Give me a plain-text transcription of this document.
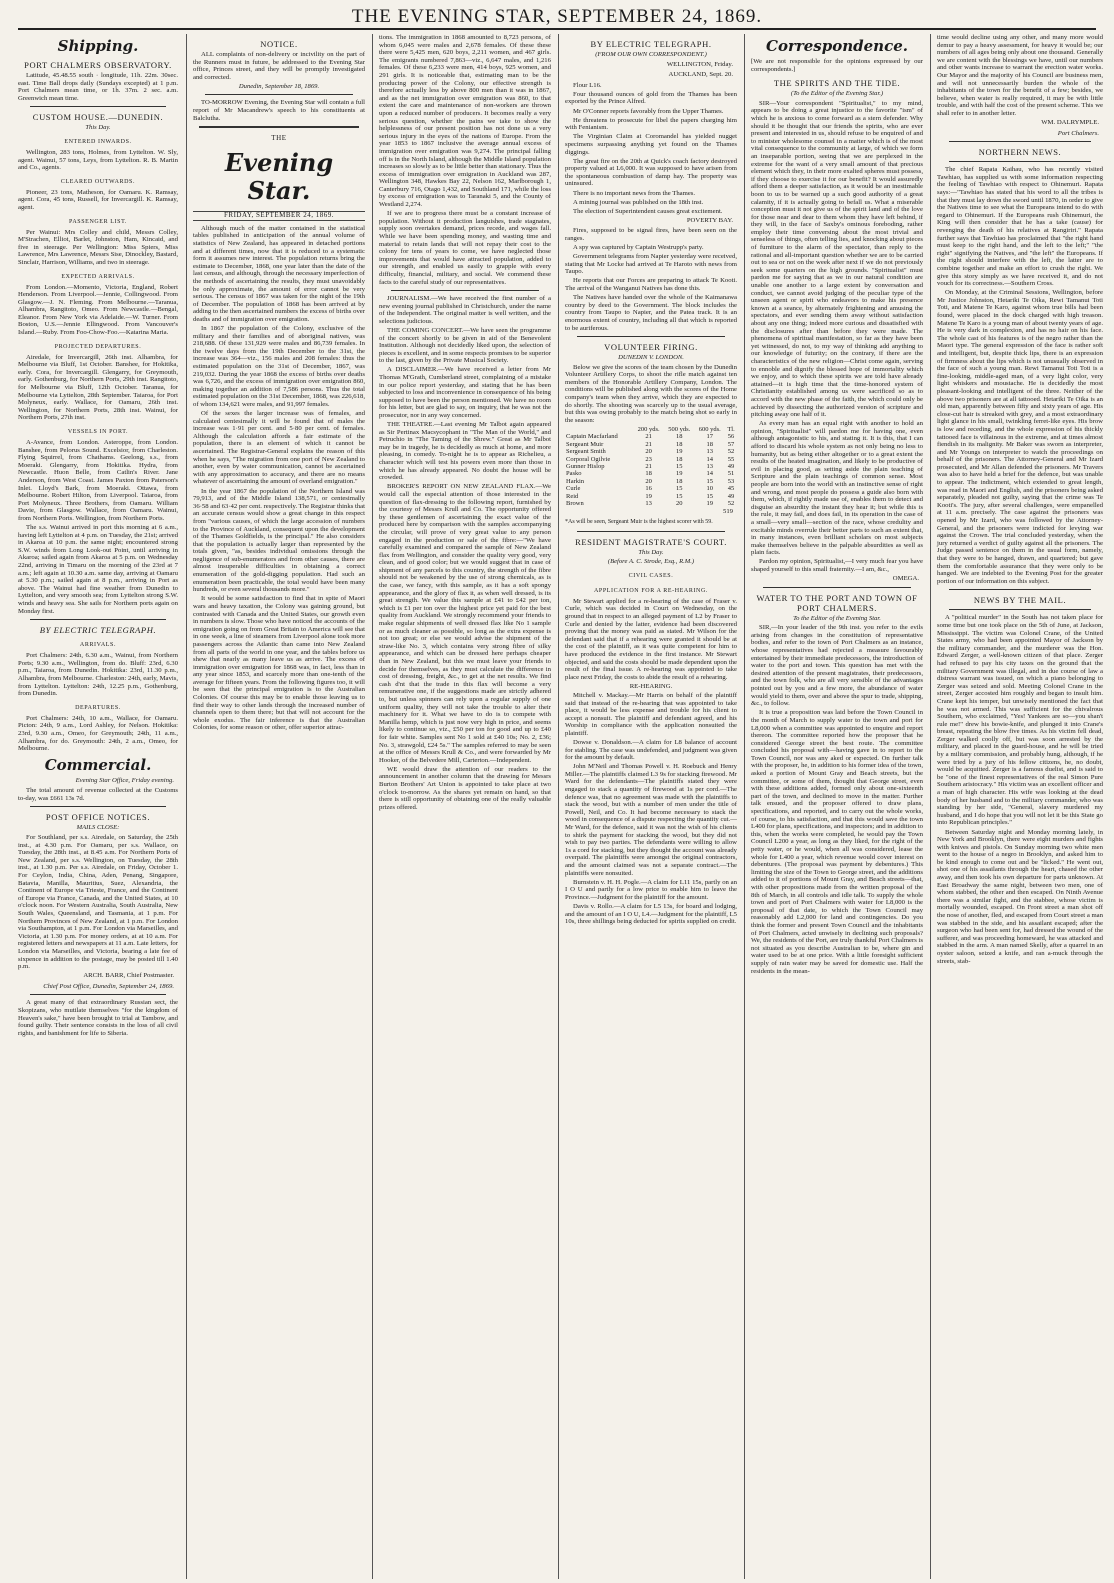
THE EVENING STAR, SEPTEMBER 24, 1869.
Shipping.
PORT CHALMERS OBSERVATORY.

Latitude, 45.48.55 south · longitude, 11h. 22m. 30sec. east. Time Ball drops daily (Sundays excepted) at 1 p.m. Port Chalmers mean time, or 1h. 37m. 2 sec. a.m. Greenwich mean time.

CUSTOM HOUSE.—DUNEDIN.
This Day.
ENTERED INWARDS.

Wellington, 283 tons, Holmes, from Lyttelton. W. Sly, agent. Wainui, 57 tons, Leys, from Lyttelton. R. B. Martin and Co., agents.

CLEARED OUTWARDS.

Pioneer, 23 tons, Matheson, for Oamaru. K. Ramsay, agent. Cora, 45 tons, Russell, for Invercargill. K. Ramsay, agent.

PASSENGER LIST.

Per Wainui: Mrs Colley and child, Messrs Colley, M'Strachen, Elliot, Barlet, Johnston, Ham, Kincaid, and five in steerage. Per Wellington: Miss Spiers, Miss Lawrence, Mrs Lawrence, Messrs Sise, Dinockley, Bastard, Sinclair, Harrison, Williams, and two in steerage.

EXPECTED ARRIVALS.

From London.—Momento, Victoria, England, Robert Henderson. From Liverpool.—Jennie, Collingwood. From Glasgow.—J. N. Fleming. From Melbourne.—Taranua, Alhambra, Rangitoto, Omeo. From Newcastle.—Bengal, Eleanor. From New York via Adelaide.—W. Turner. From Boston, U.S.—Jennie Ellingwood. From Vancouver's Island.—Ruby. From Foo-Chow-Foo.—Katarina Maria.

PROJECTED DEPARTURES.

Airedale, for Invercargill, 26th inst. Alhambra, for Melbourne via Bluff, 1st October. Banshee, for Hokitika, early. Cora, for Invercargill. Glengarry, for Greymouth, early. Gothenburg, for Northern Ports, 29th inst. Rangitoto, for Melbourne via Bluff, 12th October. Taranua, for Melbourne via Lyttelton, 28th September. Taiaroa, for Port Molyneux, early. Wallace, for Oamaru, 26th inst. Wellington, for Northern Ports, 28th inst. Wainui, for Northern Ports, 27th inst.

VESSELS IN PORT.

A-Avance, from London. Asteroppe, from London. Banshee, from Pelorus Sound. Excelsior, from Charleston. Flying Squirrel, from Chathams. Geelong, s.s., from Moeraki. Glengarry, from Hokitika. Hydra, from Newcastle. Huon Belle, from Catlin's River. Jane Anderson, from West Coast. James Paxton from Paterson's Inlet. Lloyd's Bark, from Moeraki. Ottawa, from Melbourne. Robert Hilton, from Liverpool. Taiaroa, from Port Molyneux. Three Brothers, from Oamaru. William Davie, from Glasgow. Wallace, from Oamaru. Wainui, from Northern Ports. Wellington, from Northern Ports.

The s.s. Wainui arrived in port this morning at 6 a.m., having left Lyttelton at 4 p.m. on Tuesday, the 21st; arrived in Akaroa at 10 p.m. the same night; encountered strong S.W. winds from Long Look-out Point, until arriving in Akaroa; sailed again from Akaroa at 5 p.m. on Wednesday 22nd, arriving in Timaru on the morning of the 23rd at 7 a.m.; left again at 10.30 a.m. same day, arriving at Oamaru at 5.30 p.m.; sailed again at 8 p.m., arriving in Port as above. The Wainui had fine weather from Dunedin to Lyttelton, and very smooth sea; from Lyttelton strong S.W. winds and heavy sea. She sails for Northern ports again on Monday first.

BY ELECTRIC TELEGRAPH.
ARRIVALS.

Port Chalmers: 24th, 6.30 a.m., Wainui, from Northern Ports; 9.30 a.m., Wellington, from do. Bluff: 23rd, 6.30 p.m., Taiaroa, from Dunedin. Hokitika: 23rd, 11.30 p.m., Alhambra, from Melbourne. Charleston: 24th, early, Mavis, from Lyttelton. Lyttelton: 24th, 12.25 p.m., Gothenburg, from Dunedin.

DEPARTURES.

Port Chalmers: 24th, 10 a.m., Wallace, for Oamaru. Picton: 24th, 9 a.m., Lord Ashley, for Nelson. Hokitika: 23rd, 9.30 a.m., Omeo, for Greymouth; 24th, 11 a.m., Alhambra, for do. Greymouth: 24th, 2 a.m., Omeo, for Melbourne.

Commercial.
Evening Star Office, Friday evening.

The total amount of revenue collected at the Customs to-day, was £661 13s 7d.

POST OFFICE NOTICES.
MAILS CLOSE:

For Southland, per s.s. Airedale, on Saturday, the 25th inst., at 4.30 p.m. For Oamaru, per s.s. Wallace, on Tuesday, the 28th inst., at 8.45 a.m. For Northern Ports of New Zealand, per s.s. Wellington, on Tuesday, the 28th inst., at 1.30 p.m. Per s.s. Airedale, on Friday, October 1. For Ceylon, India, China, Aden, Penang, Singapore, Batavia, Manilla, Mauritius, Suez, Alexandria, the Continent of Europe via Trieste, France, and the Continent of Europe via France, Canada, and the United States, at 10 o'clock noon. For Western Australia, South Australia, New South Wales, Queensland, and Tasmania, at 1 p.m. For Northern Provinces of New Zealand, at 1 p.m. For London via Southampton, at 1 p.m. For London via Marseilles, and Victoria, at 1.30 p.m. For money orders, at at 10 a.m. For registered letters and newspapers at 11 a.m. Late letters, for London via Marseilles, and Victoria, bearing a late fee of sixpence in addition to the postage, may be posted till 1.40 p.m.

ARCH. BARR, Chief Postmaster.
Chief Post Office, Dunedin, September 24, 1869.

A great many of that extraordinary Russian sect, the Skopizans, who mutilate themselves "for the kingdom of Heaven's sake," have been brought to trial at Tambow, and found guilty. Their sentence consists in the loss of all civil rights, and banishment for life to Siberia.

NOTICE.

ALL complaints of non-delivery or incivility on the part of the Runners must in future, be addressed to the Evening Star office, Princes street, and they will be promptly investigated and corrected.

Dunedin, September 18, 1869.

TO-MORROW Evening, the Evening Star will contain a full report of Mr Macandrew's speech to his constituents at Balclutha.

THE
Evening Star.
FRIDAY, SEPTEMBER 24, 1869.

Although much of the matter contained in the statistical tables published in anticipation of the annual volume of statistics of New Zealand, has appeared in detached portions and at different times, now that it is reduced to a systematic form it assumes new interest. The population returns bring the estimate to December, 1868, one year later than the date of the last census, and although, through the necessary imperfection of the methods of ascertaining the results, they must unavoidably be only approximate, the amount of error cannot be very serious. The census of 1867 was taken for the night of the 19th of December. The population of 1868 has been arrived at by adding to the then ascertained numbers the excess of births over deaths and of immigration over emigration.

In 1867 the population of the Colony, exclusive of the military and their families and of aboriginal natives, was 218,688. Of these 131,929 were males and 86,739 females. In the twelve days from the 19th December to the 31st, the increase was 364—viz., 156 males and 208 females: thus the estimated population on the 31st of December, 1867, was 219,032. During the year 1868 the excess of births over deaths was 6,726, and the excess of immigration over emigration 860, making together an addition of 7,586 persons. Thus the total estimated population on the 31st December, 1868, was 226,618, of whom 134,621 were males, and 91,997 females.

Of the sexes the larger increase was of females, and calculated centesimally it will be found that of males the increase was 1·91 per cent. and 5·80 per cent. of females. Although the calculation affords a fair estimate of the population, there is an element of which it cannot be ascertained. The Registrar-General explains the reason of this when he says, "The migration from one port of New Zealand to another, even by water communication, cannot be ascertained with any approximation to accuracy, and there are no means whatever of ascertaining the amount of overland emigration."

In the year 1867 the population of the Northern Island was 79,913, and of the Middle Island 138,571, or centesimally 36·58 and 63·42 per cent. respectively. The Registrar thinks that an accurate census would show a great change in this respect from "various causes, of which the large accession of numbers to the Province of Auckland, consequent upon the development of the Thames Goldfields, is the principal." He also considers that the population is actually larger than represented by the totals given, "as, besides individual omissions through the negligence of sub-enumerators and from other causes, there are almost insuperable difficulties in obtaining a correct enumeration of the gold-digging population. Had such an enumeration been practicable, the total would have been many hundreds, or even several thousands more."

It would be some satisfaction to find that in spite of Maori wars and heavy taxation, the Colony was gaining ground, but contrasted with Canada and the United States, our growth even in numbers is slow. Those who have noticed the accounts of the emigration going on from Great Britain to America will see that in one week, a line of steamers from Liverpool alone took more passengers across the Atlantic than came into New Zealand from all parts of the world in one year, and the tables before us shew that nearly as many leave us as arrive. The excess of immigration over emigration for 1868 was, in fact, less than in any year since 1853, and scarcely more than one-tenth of the average for fifteen years. From the following figures too, it will be seen that the principal emigration is to the Australian Colonies. Of course this may be to enable those leaving us to find their way to other lands through the increased number of channels open to them there; but that will not account for the whole exodus. The fair inference is that the Australian Colonies, for some reason or other, offer superior attrac-

tions. The immigration in 1868 amounted to 8,723 persons, of whom 6,045 were males and 2,678 females. Of these these there were 5,425 men, 620 boys, 2,211 women, and 467 girls. The emigrants numbered 7,863—viz., 6,647 males, and 1,216 females. Of these 6,233 were men, 414 boys, 925 women, and 291 girls. It is noticeable that, estimating man to be the producing power of the Colony, our effective strength is therefore actually less by above 800 men than it was in 1867, and as the net immigration over emigration was 860, to that extent the care and maintenance of non-workers are thrown upon a reduced number of producers. It becomes really a very serious question, whether the pains we take to show the helplessness of our present position has not done us a very serious injury in the eyes of the nations of Europe. From the year 1853 to 1867 inclusive the average annual excess of immigration over emigration was 9,274. The principal falling off is in the North Island, although the Middle Island population increases so slowly as to be little better than stationary. Thus the excess of immigration over emigration in Auckland was 287, Wellington 348, Hawkes Bay 22, Nelson 162, Marlborough 1, Canterbury 716, Otago 1,432, and Southland 171, while the loss by excess of emigration was to Taranaki 5, and the County of Westland 2,274.

If we are to progress there must be a constant increase of population. Without it production languishes, trade stagnates, supply soon overtakes demand, prices recede, and wages fall. While we have been spending money, and wasting time and material to retain lands that will not repay their cost to the colony for tens of years to come, we have neglected those improvements that would have attracted population, added to our strength, and enabled us easily to grapple with every difficulty, financial, military, and social. We commend these facts to the careful study of our representatives.

JOURNALISM.—We have received the first number of a new evening journal published in Christchurch, under the name of the Independent. The original matter is well written, and the selections judicious.

THE COMING CONCERT.—We have seen the programme of the concert shortly to be given in aid of the Benevolent Institution. Although not decidedly liked upon, the selection of pieces is excellent, and in some respects promises to be superior to the last, given by the Private Musical Society.

A DISCLAIMER.—We have received a letter from Mr Thomas M'Grath, Cumberland street, complaining of a mistake in our police report yesterday, and stating that he has been subjected to loss and inconvenience in consequence of his being supposed to have been the person mentioned. We have no room for his letter, but are glad to say, on inquiry, that he was not the prosecutor, nor in any way concerned.

THE THEATRE.—Last evening Mr Talbot again appeared as Sir Pertinax Macsycophant in "The Man of the World," and Petruchio in "The Taming of the Shrew." Great as Mr Talbot may be in tragedy, he is decidedly as much at home, and more pleasing, in comedy. To-night he is to appear as Richelieu, a character which will test his powers even more than those in which he has already appeared. No doubt the house will be crowded.

BROKER'S REPORT ON NEW ZEALAND FLAX.—We would call the especial attention of those interested in the question of flax-dressing to the following report, furnished by the courtesy of Messrs Krull and Co. The opportunity offered by these gentlemen of ascertaining the exact value of the produced here by comparison with the samples accompanying the circular, will prove of very great value to any person engaged in the production or sale of the fibre:—"We have carefully examined and compared the sample of New Zealand flax from Wellington, and consider the quality very good, very clean, and of good color; but we would suggest that in case of shipment of any parcels to this country, the strength of the fibre should not be weakened by the use of strong chemicals, as is the case, we fancy, with this sample, as it has a soft spongy appearance, and the glory of flax it, as when well dressed, is its great strength. We value this sample at £41 to £42 per ton, which is £1 per ton over the highest price yet paid for the best quality from Auckland. We strongly recommend your friends to make regular shipments of well dressed flax like No 1 sample or as much cleaner as possible, so long as the extra expense is not too great; or else we would advise the shipment of the straw-like No. 3, which contains very strong fibre of silky appearance, and which can be dressed here perhaps cheaper than in New Zealand, but this we must leave your friends to decide for themselves, as they must calculate the difference in cost of dressing, freight, &c., to get at the net results. We find cash d'nt that the trade in this flax will become a very remunerative one, if the suggestions made are strictly adhered to, but unless spinners can rely upon a regular supply of one uniform quality, they will not take the trouble to alter their machinery for it. What we have to do is to compete with Manilla hemp, which is just now very high in price, and seems likely to continue so, viz., £50 per ton for good and up to £40 for fair white. Samples sent No 1 sold at £40 10s; No. 2, £36; No. 3, strawgold, £24 5s." The samples referred to may be seen at the office of Messrs Krull & Co., and were forwarded by Mr Hooker, of the Belvedere Mill, Carterton.—Independent.

WE would draw the attention of our readers to the announcement in another column that the drawing for Messrs Burton Brothers' Art Union is appointed to take place at two o'clock to-morrow. As the shares yet remain on hand, so that there is still opportunity of obtaining one of the really valuable prizes offered.

BY ELECTRIC TELEGRAPH.
(FROM OUR OWN CORRESPONDENT.)
WELLINGTON, Friday.
AUCKLAND, Sept. 20.

Flour L16.

Four thousand ounces of gold from the Thames has been exported by the Prince Alfred.

Mr O'Conner reports favorably from the Upper Thames.

He threatens to prosecute for libel the papers charging him with Fenianism.

The Virginian Claim at Coromandel has yielded nugget specimens surpassing anything yet found on the Thames diggings.

The great fire on the 20th at Quick's coach factory destroyed property valued at L6,000. It was supposed to have arisen from the spontaneous combustion of damp hay. The property was uninsured.

There is no important news from the Thames.

A mining journal was published on the 18th inst.

The election of Superintendent causes great excitement.

POVERTY BAY.

Fires, supposed to be signal fires, have been seen on the ranges.

A spy was captured by Captain Westrupp's party.

Government telegrams from Napier yesterday were received, stating that Mr Locke had arrived at Te Haroto with news from Taupo.

He reports that our Forces are preparing to attack Te Kooti. The arrival of the Wanganui Natives has done this.

The Natives have handed over the whole of the Kaimanawa country by deed to the Government. The block includes the country from Taupo to Napier, and the Patea track. It is an enormous extent of country, including all that which is reported to be auriferous.

VOLUNTEER FIRING.
DUNEDIN V. LONDON.

Below we give the scores of the team chosen by the Dunedin Volunteer Artillery Corps, to shoot the rifle match against ten members of the Honorable Artillery Company, London. The conditions will be published along with the scores of the Home company's team when they arrive, which they are expected to do shortly. The shooting was scarcely up to the usual average, but this was owing probably to the match being shot so early in the season:

	200 yds.	500 yds.	600 yds.	Tl.
Captain Macfarland	21	18	17	56
Sergeant Muir	21	18	18	57
Sergeant Smith	20	19	13	52
Corporal Ogilvie	23	18	14	55
Gunner Hislop	21	15	13	49
Pasko	18	19	14	51
Harkin	20	18	15	53
Curle	16	15	10	45
Reid	19	15	15	49
Brown	13	20	19	52
519

*As will be seen, Sergeant Muir is the highest scorer with 59.

RESIDENT MAGISTRATE'S COURT.
This Day.
(Before A. C. Strode, Esq., R.M.)
CIVIL CASES.
APPLICATION FOR A RE-HEARING.

Mr Stewart applied for a re-hearing of the case of Fraser v. Curle, which was decided in Court on Wednesday, on the ground that in respect to an alleged payment of L2 by Fraser to Curle and denied by the latter, evidence had been discovered proving that the money was paid as stated. Mr Wilson for the defendant said that if a rehearing were granted it should be at the cost of the plaintiff, as it was quite competent for him to have produced the evidence in the first instance. Mr Stewart objected, and said the costs should be made dependent upon the result of the final issue. A re-hearing was appointed to take place next Friday, the costs to abide the result of a rehearing.

RE-HEARING.

Mitchell v. Mackay.—Mr Harris on behalf of the plaintiff said that instead of the re-hearing that was appointed to take place, it would be less expense and trouble for his client to accept a nonsuit. The plaintiff and defendant agreed, and his Worship in compliance with the application nonsuited the plaintiff.

Dowse v. Donaldson.—A claim for L8 balance of account for stabling. The case was undefended, and judgment was given for the amount by default.

John M'Neil and Thomas Powell v. H. Roebuck and Henry Miller.—The plaintiffs claimed L3 9s for stacking firewood. Mr Ward for the defendants—The plaintiffs stated they were engaged to stack a quantity of firewood at 1s per cord.—The defence was, that no agreement was made with the plaintiffs to stack the wood, but with a number of men under the title of Powell, Neil, and Co. It had become necessary to stack the wood in consequence of a dispute respecting the quantity cut.—Mr Ward, for the defence, said it was not the wish of his clients to shirk the payment for stacking the wood, but they did not wish to pay two parties. The defendants were willing to allow 1s a cord for stacking, but they thought the account was already overpaid. The plaintiffs were amongst the original contractors, and the amount claimed was not a separate contract.—The plaintiffs were nonsuited.

Burnstein v. H. H. Pogle.—A claim for L11 15s, partly on an I O U and partly for a low price to enable him to leave the Province.—Judgment for the plaintiff for the amount.

Davis v. Rollo.—A claim for L5 13s, for board and lodging, and the amount of an I O U, L4.—Judgment for the plaintiff, L5 10s, three shillings being deducted for spirits supplied on credit.

Correspondence.

[We are not responsible for the opinions expressed by our correspondents.]

THE SPIRITS AND THE TIDE.
(To the Editor of the Evening Star.)

SIR—Your correspondent "Spiritualist," to my mind, appears to be doing a great injustice to the favorite "ism" of which he is anxious to come forward as a stern defender. Why should it be thought that our friends the spirits, who are ever present and interested in us, should refuse to be enquired of and to minister wholesome counsel in a matter which is of the most vital consequence to the community at large, of which we form an inseparable portion, seeing that we are perplexed in the extreme for the want of a very small amount of that precious element which they, in their more exalted spheres must possess, if they choose to exercise it for our benefit? It would assuredly afford them a deeper satisfaction, as it would be an inestimable boon to us to be warned up a such good authority of a great calamity, if it is actually going to befall us. What a miserable conception must it not give us of the spirit land and of the love for those near and dear to them whom they have left behind, if they will, in the face of Saxby's ominous foreboding, rather employ their time conversing about the most trivial and senseless of things, often telling lies, and knocking about pieces of furniture to the alarm of the spectator, than reply to the rational and all-important question whether we are to be carried out to sea or not on the week after next if we do not previously seek some quarters on the high grounds. "Spiritualist" must pardon me for saying that as we in our natural condition are unable one another to a large extent by conversation and conduct, we cannot avoid judging of the peculiar type of the unseen agent or spirit who endeavors to make his presence known at a seance, by alternately frightening and amusing the spectators, and ever sending them away without satisfaction about any one thing; indeed more curious and dissatisfied with the disclosures after than before they were made. The phenomena of spiritual manifestation, so far as they have been yet witnessed, do not, to my way of thinking add anything to our knowledge of futurity; on the contrary, if there are the characteristics of the new religion—Christ come again, serving to ennoble and dignify the blessed hope of immortality which we enjoy, and to which these spirits we are told have already attained—it is high time that the time-honored system of Christianity established among us were sacrificed so as to accord with the new phase of the faith, the which could only be achieved by dissecting the authorized version of scripture and pitching away one half of it.

As every man has an equal right with another to hold an opinion, "Spiritualist" will pardon me for having one, even although antagonistic to his, and stating it. It is this, that I can afford to discard his whole system as not only being no less to humanity, but as being either altogether or to a great extent the results of the heated imagination, and likely to be productive of evil in placing good, as setting aside the plain teaching of Scripture and the plain teachings of common sense. Most people are born into the world with an instinctive sense of right and wrong, and most people do possess a guide also born with them, which, if rightly made use of, enables them to detect and disguise an absurdity the instant they hear it; but while this is the rule, it may fail, and does fail, in its operation in the case of a small—very small—section of the race, whose credulity and excitable minds overrule their better parts to such an extent that, in many instances, even brilliant scholars on most subjects make themselves believe in the palpable absurdities as well as plain facts.

Pardon my opinion, Spiritualist,—I very much fear you have shaped yourself to this small fraternity.—I am, &c.,

OMEGA.
WATER TO THE PORT AND TOWN OF PORT CHALMERS.
To the Editor of the Evening Star.

SIR,—In your leader of the 9th inst. you refer to the evils arising from changes in the constitution of representative bodies, and refer to the town of Port Chalmers as an instance, whose representatives had rejected a measure favourably entertained by their immediate predecessors, the introduction of water to the port and town. This question has met with the desired attention of the present magistrates, their predecessors, and the town folk, who are all very sensible of the advantages pointed out by you and a few more, the abundance of water would yield to them, over and above the spur to trade, shipping, &c., to follow.

It is true a proposition was laid before the Town Council in the month of March to supply water to the town and port for L8,000 when a committee was appointed to enquire and report thereon. The committee reported how the proposer that he considered George street the best route. The committee concluded his proposal with—having gave in to report to the Town Council, nor was any aked or expected. On further talk with the proposer, he, in addition to his former idea of the town, asked a portion of Mount Gray and Beach streets, but the committee, or some of them, thought that George street, even with these additions added, formed only about one-sixteenth part of the town, and declined to move in the matter. Further talk ensued, and the proposer offered to draw plans, specifications, and reported, and to carry out the whole works, of course, to his satisfaction, and that this would save the town L400 for plans, specifications, and inspectors; and in addition to this, when the works were completed, he would pay the Town Council L200 a year, as long as they liked, for the right of the petty water, or he would, when all was considered, lease the whole for L400 a year, which revenue would cover interest on debentures. (The proposal was payment by debentures.) This limiting the size of the Town to George street, and the additions added to it of portions of Mount Gray, and Beach streets—that, with other propositions made from the written proposal of the 8th of March, in all controls and idle talk. To supply the whole town and port of Port Chalmers with water for L8,000 is the proposal of that date, to which the Town Council may reasonably add L2,000 for land and contingencies. Do you think the former and present Town Council and the inhabitants of Port Chalmers, acted unwisely in declining such proposals? We, the residents of the Port, are truly thankful Port Chalmers is not situated as you describe Australian to be, where gin and water used to be at one price. With a little foresight sufficient supply of rain water may be saved for domestic use. Half the residents in the mean-

time would decline using any other, and many more would demur to pay a heavy assessment, for heavy it would be; our numbers of all ages being only about one thousand. Generally we are content with the blessings we have, until our numbers and other wants increase to warrant the erection water works. Our Mayor and the majority of his Council are business men, and will not unnecessarily burden the whole of the inhabitants of the town for the benefit of a few; besides, we believe, when water is really required, it may be with little trouble, and with half the cost of the present scheme. This we shall refer to in another letter.

WM. DALRYMPLE.
Port Chalmers.
NORTHERN NEWS.

The chief Rapata Kaihau, who has recently visited Tawhiao, has supplied us with some information respecting the feeling of Tawhiao with respect to Ohinemuri. Rapata says:—"Tawhiao has stated that his word to all the tribes is that they must lay down the sword until 1870, in order to give the Natives time to see what the Europeans intend to do with regard to Ohinemuri. If the Europeans rush Ohinemuri, the King will then consider that he has a take (cause) for revenging the death of his relatives at Rangiriri." Rapata further says that Tawhiao has proclaimed that "the right hand must keep to the right hand, and the left to the left;" "the right" signifying the Natives, and "the left" the Europeans. If the right should interfere with the left, the latter are to combine together and make an effort to crush the right. We give this story simply as we have received it, and do not vouch for its correctness.—Southern Cross.

On Monday, at the Criminal Sessions, Wellington, before Mr Justice Johnston, Hetariki Te Oika, Rewi Tamanui Toti Toti, and Matene Te Karo, against whom true bills had been found, were placed in the dock charged with high treason. Matene Te Karo is a young man of about twenty years of age. He is very dark in complexion, and has no hair on his face. The whole cast of his features is of the negro rather than the Maori type. The general expression of the face is rather soft and intelligent, but, despite thick lips, there is an expression of firmness about the lips which is not unusually observed in the face of such a young man. Rewi Tamanui Toti Toti is a fine-looking, middle-aged man, of a very light color, very light whiskers and moustache. He is decidedly the most pleasant-looking and intelligent of the three. Neither of the above two prisoners are at all tattooed. Hetariki Te Oika is an old man, apparently between fifty and sixty years of age. His close-cut hair is streaked with grey, and a most extraordinary light glance in his small, twinkling ferret-like eyes. His brow is low and receding, and the whole expression of his thickly tattooed face is villainous in the extreme, and at times almost fiendish in its malignity. Mr Baker was sworn as interpreter, and Mr Youngs on interpreter to watch the proceedings on behalf of the prisoners. The Attorney-General and Mr Izard prosecuted, and Mr Allan defended the prisoners. Mr Travers was also to have held a brief for the defence, but was unable to appear. The indictment, which extended to great length, was read in Maori and English, and the prisoners being asked separately, pleaded not guilty, saying that the crime was Te Kooti's. The jury, after several challenges, were empanelled at 11 a.m. precisely. The case against the prisoners was opened by Mr Izard, who was followed by the Attorney-General, and the prisoners were indicted for levying war against the Crown. The trial concluded yesterday, when the jury returned a verdict of guilty against all the prisoners. The Judge passed sentence on them in the usual form, namely, that they were to be hanged, drawn, and quartered; but gave them the comfortable assurance that they were only to be hanged. We are indebted to the Evening Post for the greater portion of our information on this subject.

NEWS BY THE MAIL.

A "political murder" in the South has not taken place for some time but one took place on the 5th of June, at Jackson, Mississippi. The victim was Colonel Crane, of the United States army, who had been appointed Mayor of Jackson by the military commander, and the murderer was the Hon. Edward Zerger, a well-known citizen of that place. Zerger had refused to pay his city taxes on the ground that the military Government was illegal, and in due course of law a distress warrant was issued, on which a piano belonging to Zerger was seized and sold. Meeting Colonel Crane in the street, Zerger accosted him roughly and began to insult him. Crane kept his temper, but unwisely mentioned the fact that he was not armed. This was sufficient for the chivalrous Southern, who exclaimed, "Yes! Yankees are so—you shan't rule me!" drew his bowie-knife, and plunged it into Crane's breast, repeating the blow five times. As his victim fell dead, Zerger walked coolly off, but was soon arrested by the military, and placed in the guard-house, and he will be tried by a military commission, and probably hung, although, if he were tried by a jury of his fellow citizens, he, no doubt, would be acquitted. Zerger is a famous duelist, and is said to be "one of the finest representatives of the real Simon Pure Southern aristocracy." His victim was an excellent officer and a man of high character. His wife was looking at the dead body of her husband and to the military commander, who was standing by her side, "General, slavery murdered my husband, and I do hope that you will not let it be this State go into Republican principles."

Between Saturday night and Monday morning lately, in New York and Brooklyn, there were eight murders and fights with knives and pistols. On Sunday morning two white men went to the house of a negro in Brooklyn, and asked him to be kind enough to come out and be "licked." He went out, shot one of his assailants through the heart, chased the other away, and then took his own departure for parts unknown. At East Broadway the same night, between two men, one of whom stabbed, the other and then escaped. On Ninth Avenue there was a similar fight, and the stabbee, whose victim is mortally wounded, escaped. On Front street a man shot off the nose of another, fled, and escaped from Court street a man was stabbed in the side, and his assailant escaped; after the surgeon who had been sent for, had dressed the wound of the sufferer, and was proceeding homeward, he was attacked and stabbed in the arm. A man named Skelly, after a quarrel in an oyster saloon, seized a knife, and ran a-muck through the streets, stab-
